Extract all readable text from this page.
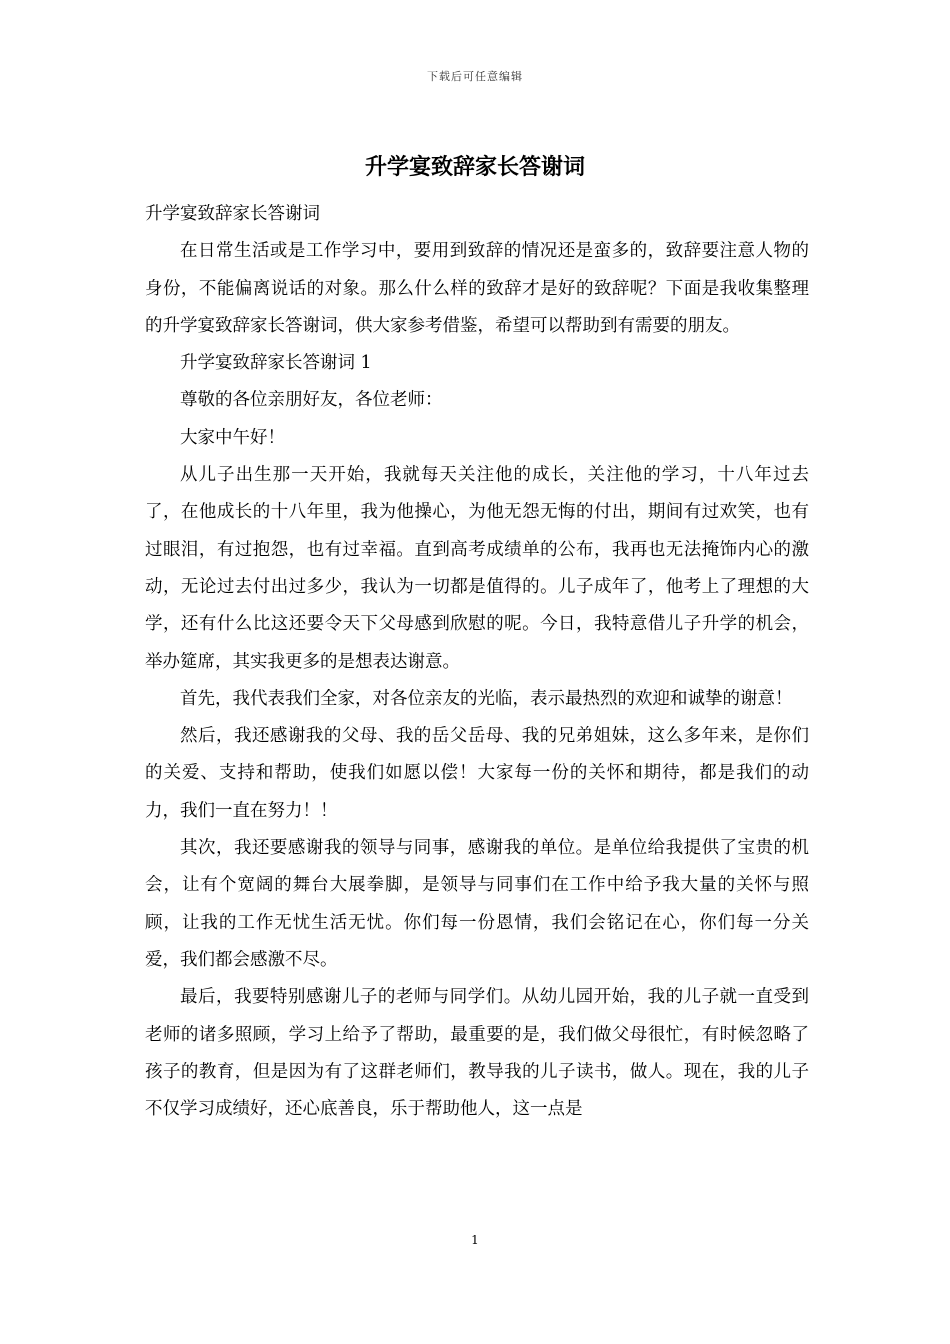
下载后可任意编辑
升学宴致辞家长答谢词

升学宴致辞家长答谢词

在日常生活或是工作学习中，要用到致辞的情况还是蛮多的，致辞要注意人物的身份，不能偏离说话的对象。那么什么样的致辞才是好的致辞呢？下面是我收集整理的升学宴致辞家长答谢词，供大家参考借鉴，希望可以帮助到有需要的朋友。

升学宴致辞家长答谢词 1

尊敬的各位亲朋好友，各位老师：

大家中午好！

从儿子出生那一天开始，我就每天关注他的成长，关注他的学习，十八年过去了，在他成长的十八年里，我为他操心，为他无怨无悔的付出，期间有过欢笑，也有过眼泪，有过抱怨，也有过幸福。直到高考成绩单的公布，我再也无法掩饰内心的激动，无论过去付出过多少，我认为一切都是值得的。儿子成年了，他考上了理想的大学，还有什么比这还要令天下父母感到欣慰的呢。今日，我特意借儿子升学的机会，举办筵席，其实我更多的是想表达谢意。

首先，我代表我们全家，对各位亲友的光临，表示最热烈的欢迎和诚挚的谢意！

然后，我还感谢我的父母、我的岳父岳母、我的兄弟姐妹，这么多年来，是你们的关爱、支持和帮助，使我们如愿以偿！大家每一份的关怀和期待，都是我们的动力，我们一直在努力！！

其次，我还要感谢我的领导与同事，感谢我的单位。是单位给我提供了宝贵的机会，让有个宽阔的舞台大展拳脚，是领导与同事们在工作中给予我大量的关怀与照顾，让我的工作无忧生活无忧。你们每一份恩情，我们会铭记在心，你们每一分关爱，我们都会感激不尽。

最后，我要特别感谢儿子的老师与同学们。从幼儿园开始，我的儿子就一直受到老师的诸多照顾，学习上给予了帮助，最重要的是，我们做父母很忙，有时候忽略了孩子的教育，但是因为有了这群老师们，教导我的儿子读书，做人。现在，我的儿子不仅学习成绩好，还心底善良，乐于帮助他人，这一点是

1
